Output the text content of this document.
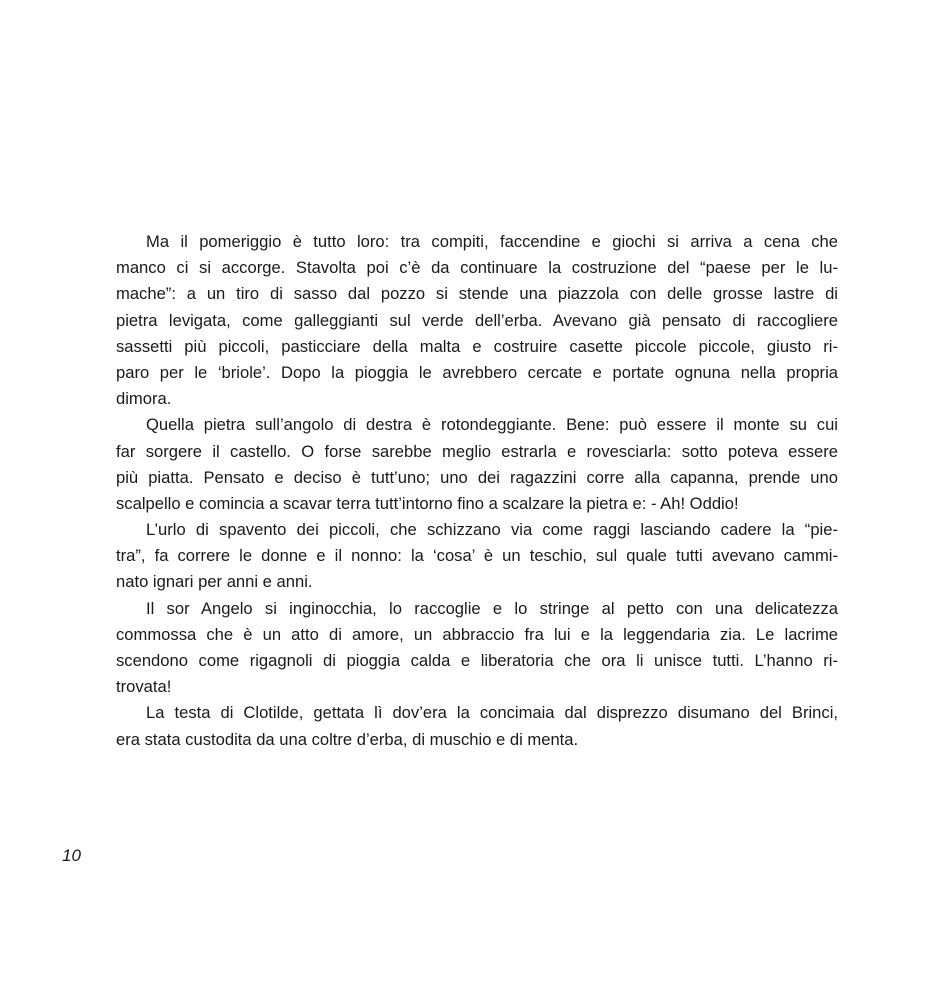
Ma il pomeriggio è tutto loro: tra compiti, faccendine e giochi si arriva a cena che
manco ci si accorge. Stavolta poi c’è da continuare la costruzione del “paese per le lu-
mache”: a un tiro di sasso dal pozzo si stende una piazzola con delle grosse lastre di
pietra levigata, come galleggianti sul verde dell’erba. Avevano già pensato di raccogliere
sassetti più piccoli, pasticciare della malta e costruire casette piccole piccole, giusto ri-
paro per le ‘briole’. Dopo la pioggia le avrebbero cercate e portate ognuna nella propria
dimora.
Quella pietra sull’angolo di destra è rotondeggiante. Bene: può essere il monte su cui
far sorgere il castello. O forse sarebbe meglio estrarla e rovesciarla: sotto poteva essere
più piatta. Pensato e deciso è tutt’uno; uno dei ragazzini corre alla capanna, prende uno
scalpello e comincia a scavar terra tutt’intorno fino a scalzare la pietra e: - Ah! Oddio!
L’urlo di spavento dei piccoli, che schizzano via come raggi lasciando cadere la “pie-
tra”, fa correre le donne e il nonno: la ‘cosa’ è un teschio, sul quale tutti avevano cammi-
nato ignari per anni e anni.
Il sor Angelo si inginocchia, lo raccoglie e lo stringe al petto con una delicatezza
commossa che è un atto di amore, un abbraccio fra lui e la leggendaria zia. Le lacrime
scendono come rigagnoli di pioggia calda e liberatoria che ora li unisce tutti. L’hanno ri-
trovata!
La testa di Clotilde, gettata lì dov’era la concimaia dal disprezzo disumano del Brinci,
era stata custodita da una coltre d’erba, di muschio e di menta.
10
